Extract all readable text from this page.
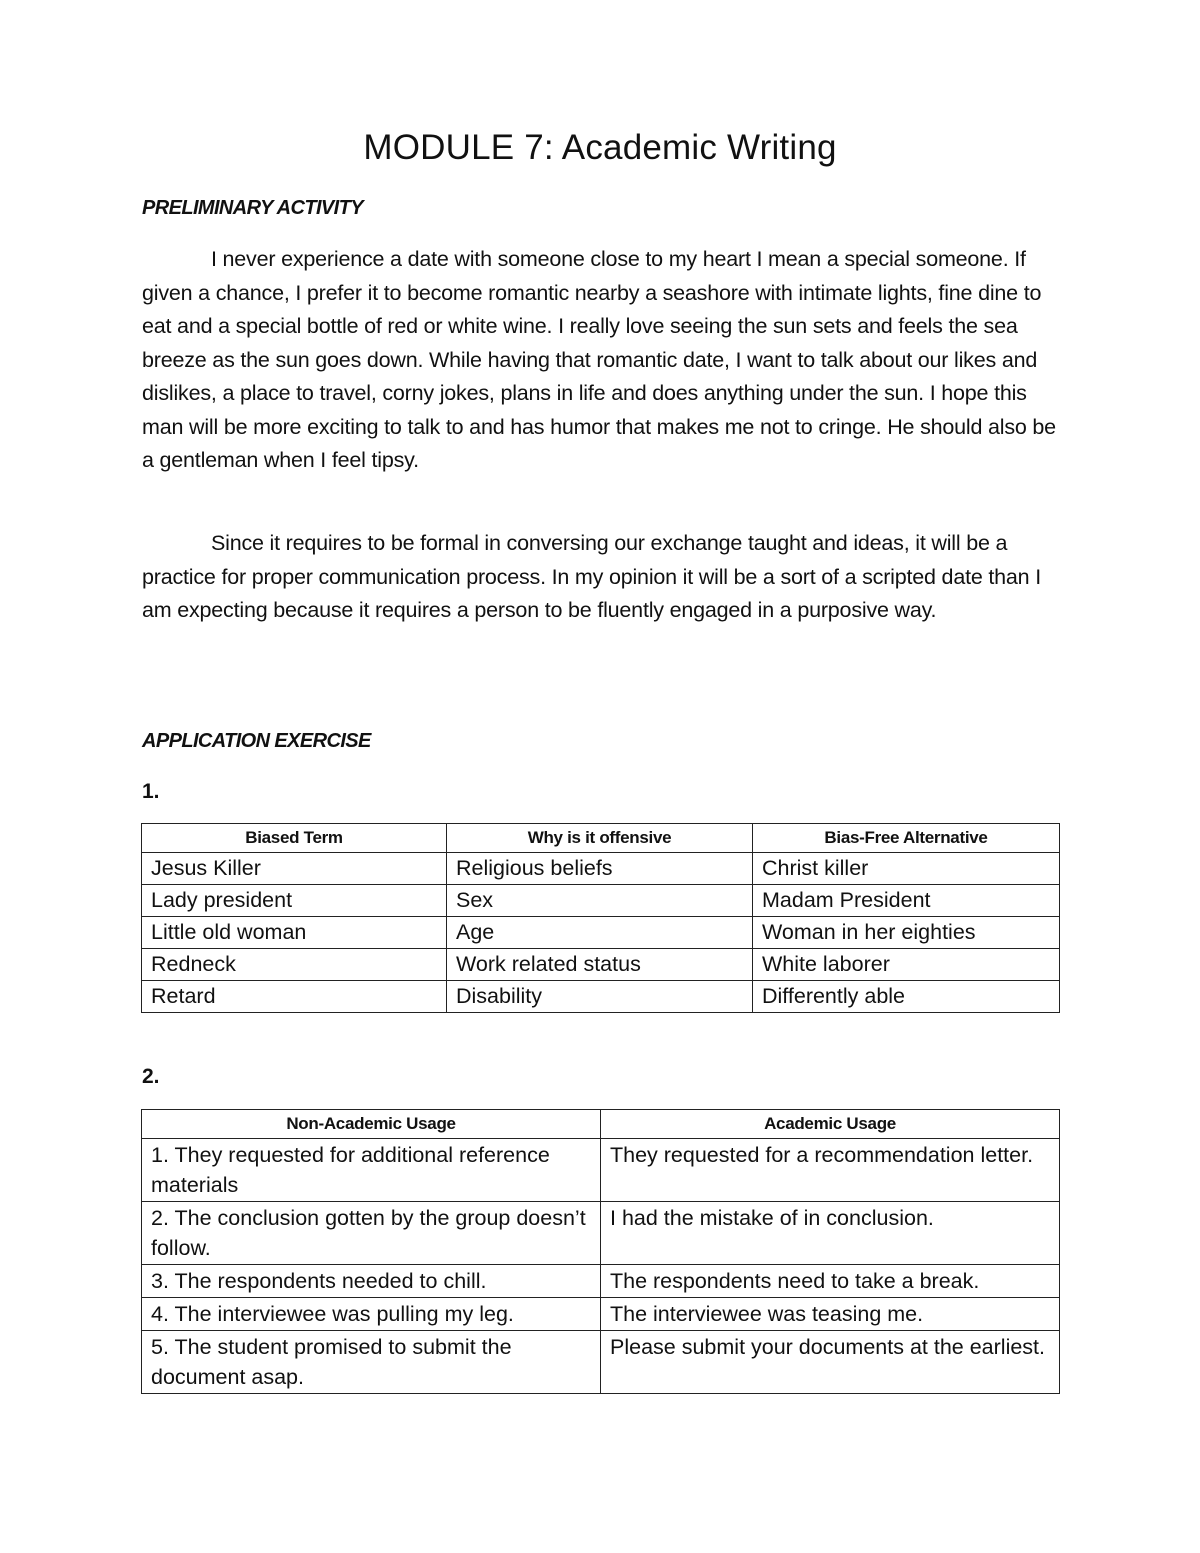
MODULE 7: Academic Writing
PRELIMINARY ACTIVITY

I never experience a date with someone close to my heart I mean a special someone. If given a chance, I prefer it to become romantic nearby a seashore with intimate lights, fine dine to eat and a special bottle of red or white wine. I really love seeing the sun sets and feels the sea breeze as the sun goes down. While having that romantic date, I want to talk about our likes and dislikes, a place to travel, corny jokes, plans in life and does anything under the sun. I hope this man will be more exciting to talk to and has humor that makes me not to cringe. He should also be a gentleman when I feel tipsy.

Since it requires to be formal in conversing our exchange taught and ideas, it will be a practice for proper communication process. In my opinion it will be a sort of a scripted date than I am expecting because it requires a person to be fluently engaged in a purposive way.

APPLICATION EXERCISE
1.
Biased Term	Why is it offensive	Bias-Free Alternative
Jesus Killer	Religious beliefs	Christ killer
Lady president	Sex	Madam President
Little old woman	Age	Woman in her eighties
Redneck	Work related status	White laborer
Retard	Disability	Differently able
2.
Non-Academic Usage	Academic Usage
1. They requested for additional reference materials	They requested for a recommendation letter.
2. The conclusion gotten by the group doesn’t follow.	I had the mistake of in conclusion.
3. The respondents needed to chill.	The respondents need to take a break.
4. The interviewee was pulling my leg.	The interviewee was teasing me.
5. The student promised to submit the document asap.	Please submit your documents at the earliest.
